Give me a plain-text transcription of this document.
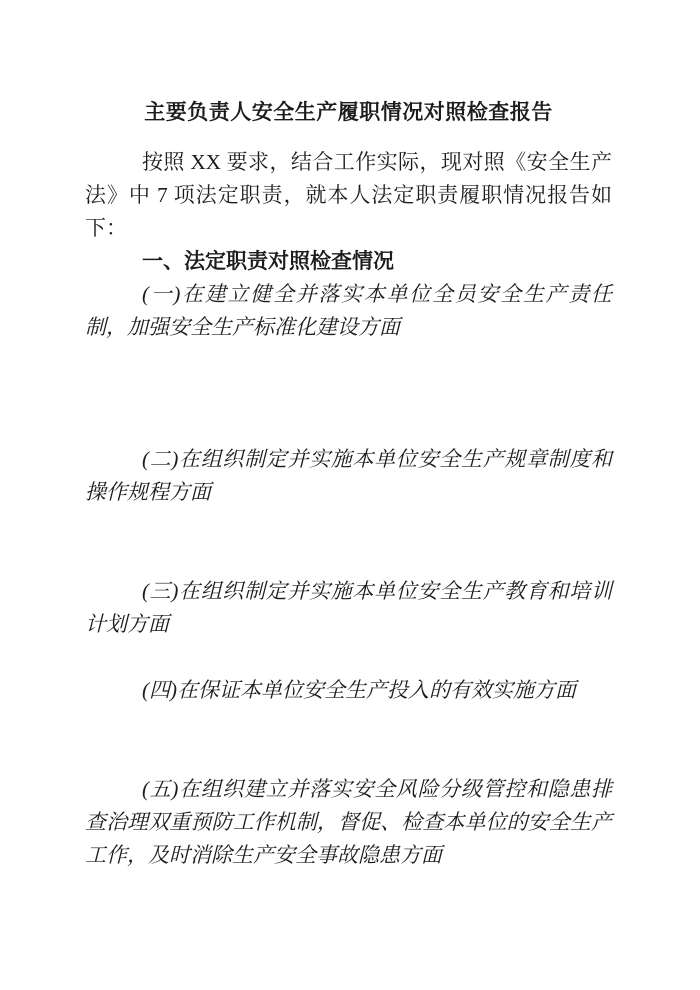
主要负责人安全生产履职情况对照检查报告

按照 XX 要求，结合工作实际，现对照《安全生产法》中 7 项法定职责，就本人法定职责履职情况报告如下：

一、法定职责对照检查情况

(一)在建立健全并落实本单位全员安全生产责任制，加强安全生产标准化建设方面

(二)在组织制定并实施本单位安全生产规章制度和操作规程方面

(三)在组织制定并实施本单位安全生产教育和培训计划方面

(四)在保证本单位安全生产投入的有效实施方面

(五)在组织建立并落实安全风险分级管控和隐患排查治理双重预防工作机制，督促、检查本单位的安全生产工作，及时消除生产安全事故隐患方面
